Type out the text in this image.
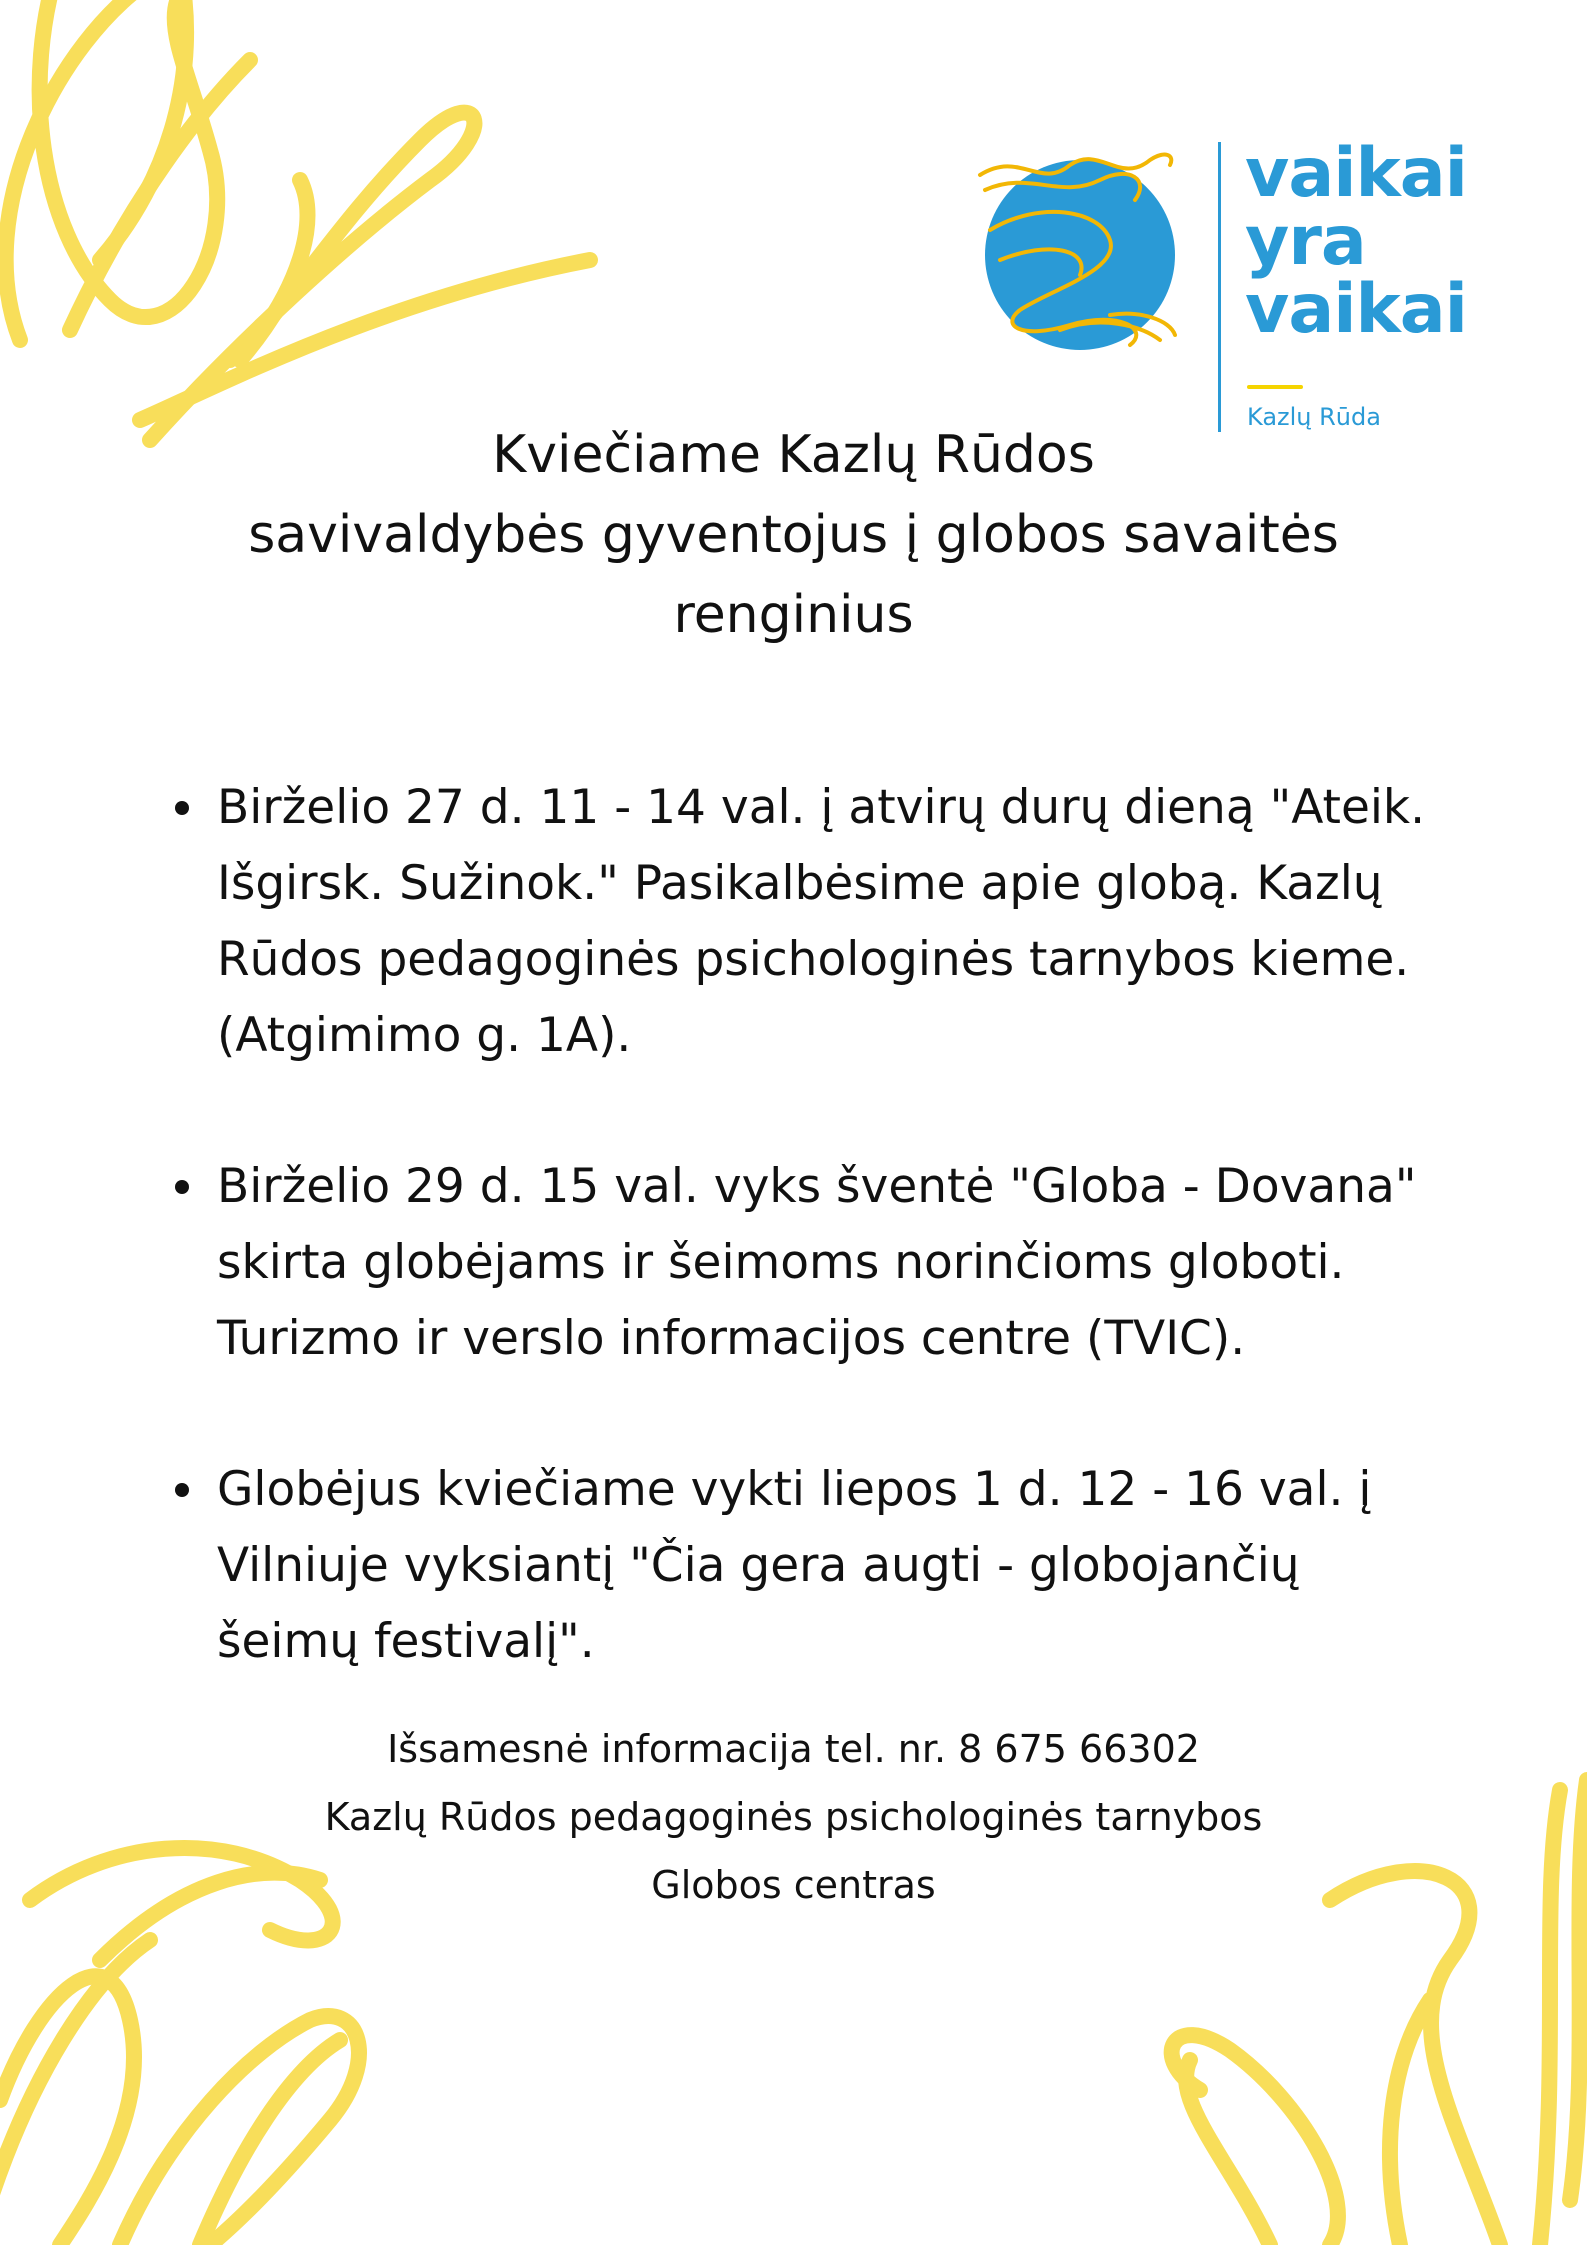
vaikai
yra
vaikai
Kazlų Rūda
Kviečiame Kazlų Rūdos
savivaldybės gyventojus į globos savaitės
renginius
Birželio 27 d. 11 - 14 val. į atvirų durų dieną "Ateik.
Išgirsk. Sužinok." Pasikalbėsime apie globą. Kazlų
Rūdos pedagoginės psichologinės tarnybos kieme.
(Atgimimo g. 1A).
Birželio 29 d. 15 val. vyks šventė "Globa - Dovana"
skirta globėjams ir šeimoms norinčioms globoti.
Turizmo ir verslo informacijos centre (TVIC).
Globėjus kviečiame vykti liepos 1 d. 12 - 16 val. į
Vilniuje vyksiantį "Čia gera augti - globojančių
šeimų festivalį".
Išsamesnė informacija tel. nr. 8 675 66302
Kazlų Rūdos pedagoginės psichologinės tarnybos
Globos centras
